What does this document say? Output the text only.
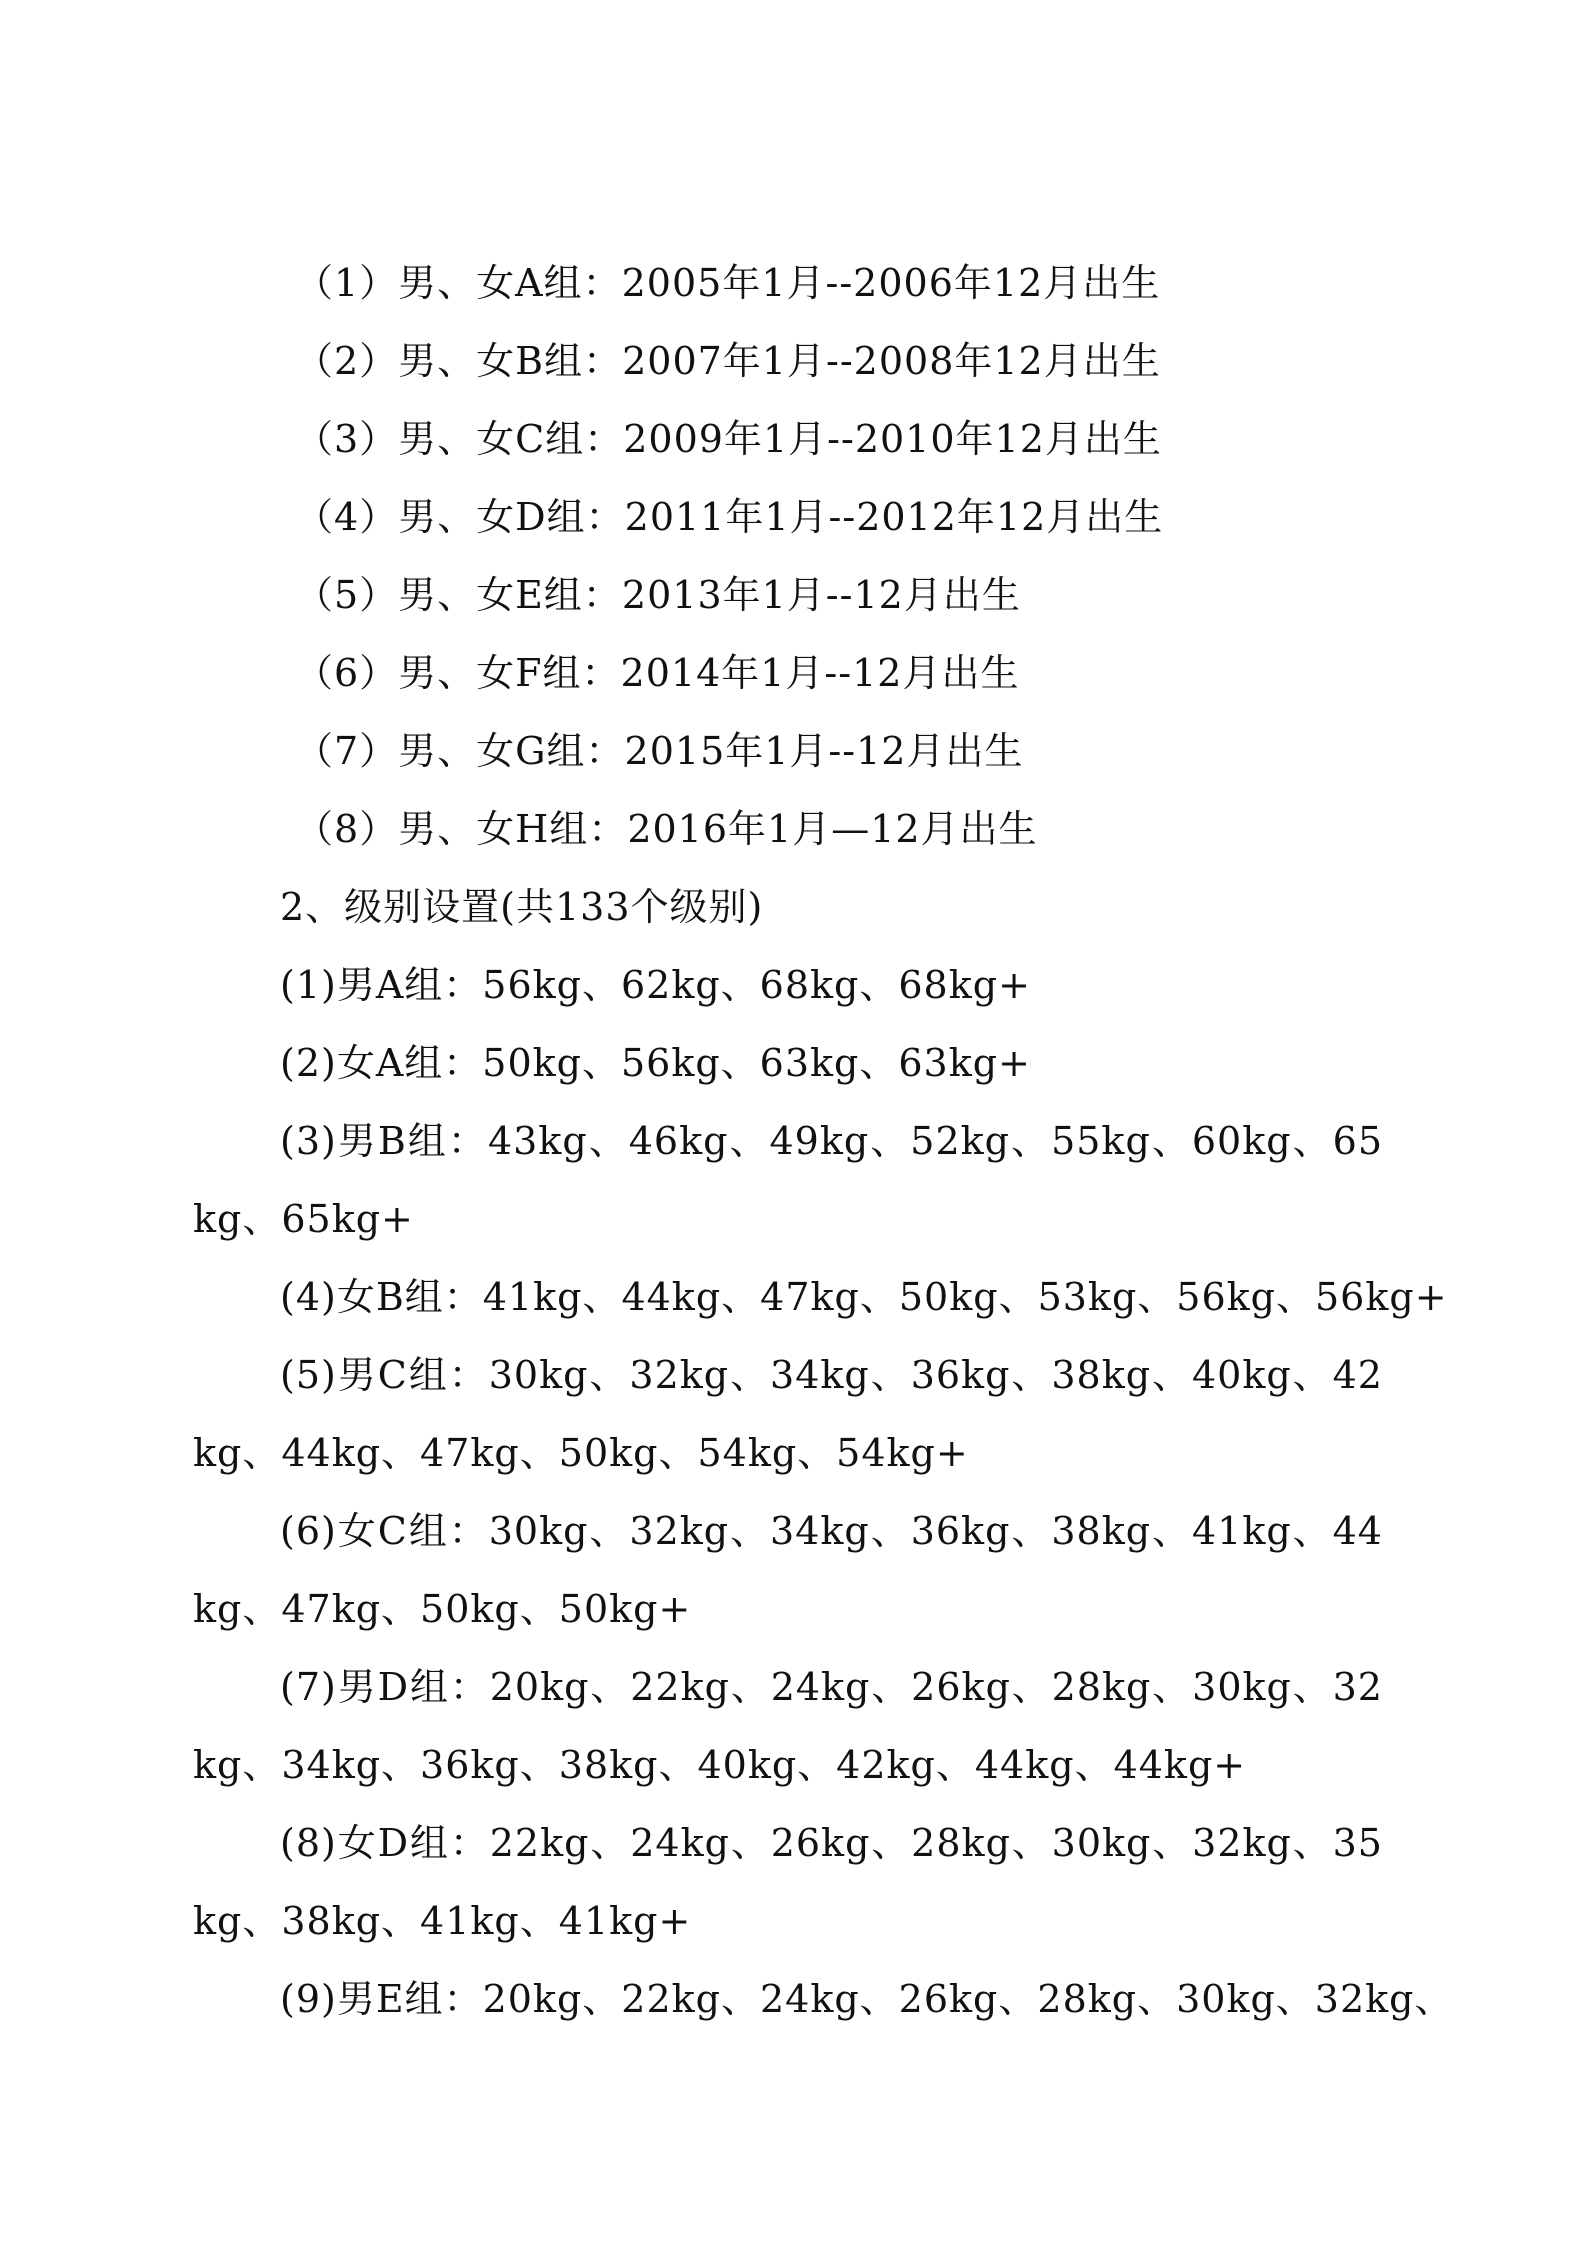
（1）男、女A组：2005年1月--2006年12月出生
（2）男、女B组：2007年1月--2008年12月出生
（3）男、女C组：2009年1月--2010年12月出生
（4）男、女D组：2011年1月--2012年12月出生
（5）男、女E组：2013年1月--12月出生
（6）男、女F组：2014年1月--12月出生
（7）男、女G组：2015年1月--12月出生
（8）男、女H组：2016年1月—12月出生
2、级别设置(共133个级别)
(1)男A组：56kg、62kg、68kg、68kg+
(2)女A组：50kg、56kg、63kg、63kg+
(3)男B组：43kg、46kg、49kg、52kg、55kg、60kg、65kg、65kg+
(4)女B组：41kg、44kg、47kg、50kg、53kg、56kg、56kg+
(5)男C组：30kg、32kg、34kg、36kg、38kg、40kg、42kg、44kg、47kg、50kg、54kg、54kg+
(6)女C组：30kg、32kg、34kg、36kg、38kg、41kg、44kg、47kg、50kg、50kg+
(7)男D组：20kg、22kg、24kg、26kg、28kg、30kg、32kg、34kg、36kg、38kg、40kg、42kg、44kg、44kg+
(8)女D组：22kg、24kg、26kg、28kg、30kg、32kg、35kg、38kg、41kg、41kg+
(9)男E组：20kg、22kg、24kg、26kg、28kg、30kg、32kg、
